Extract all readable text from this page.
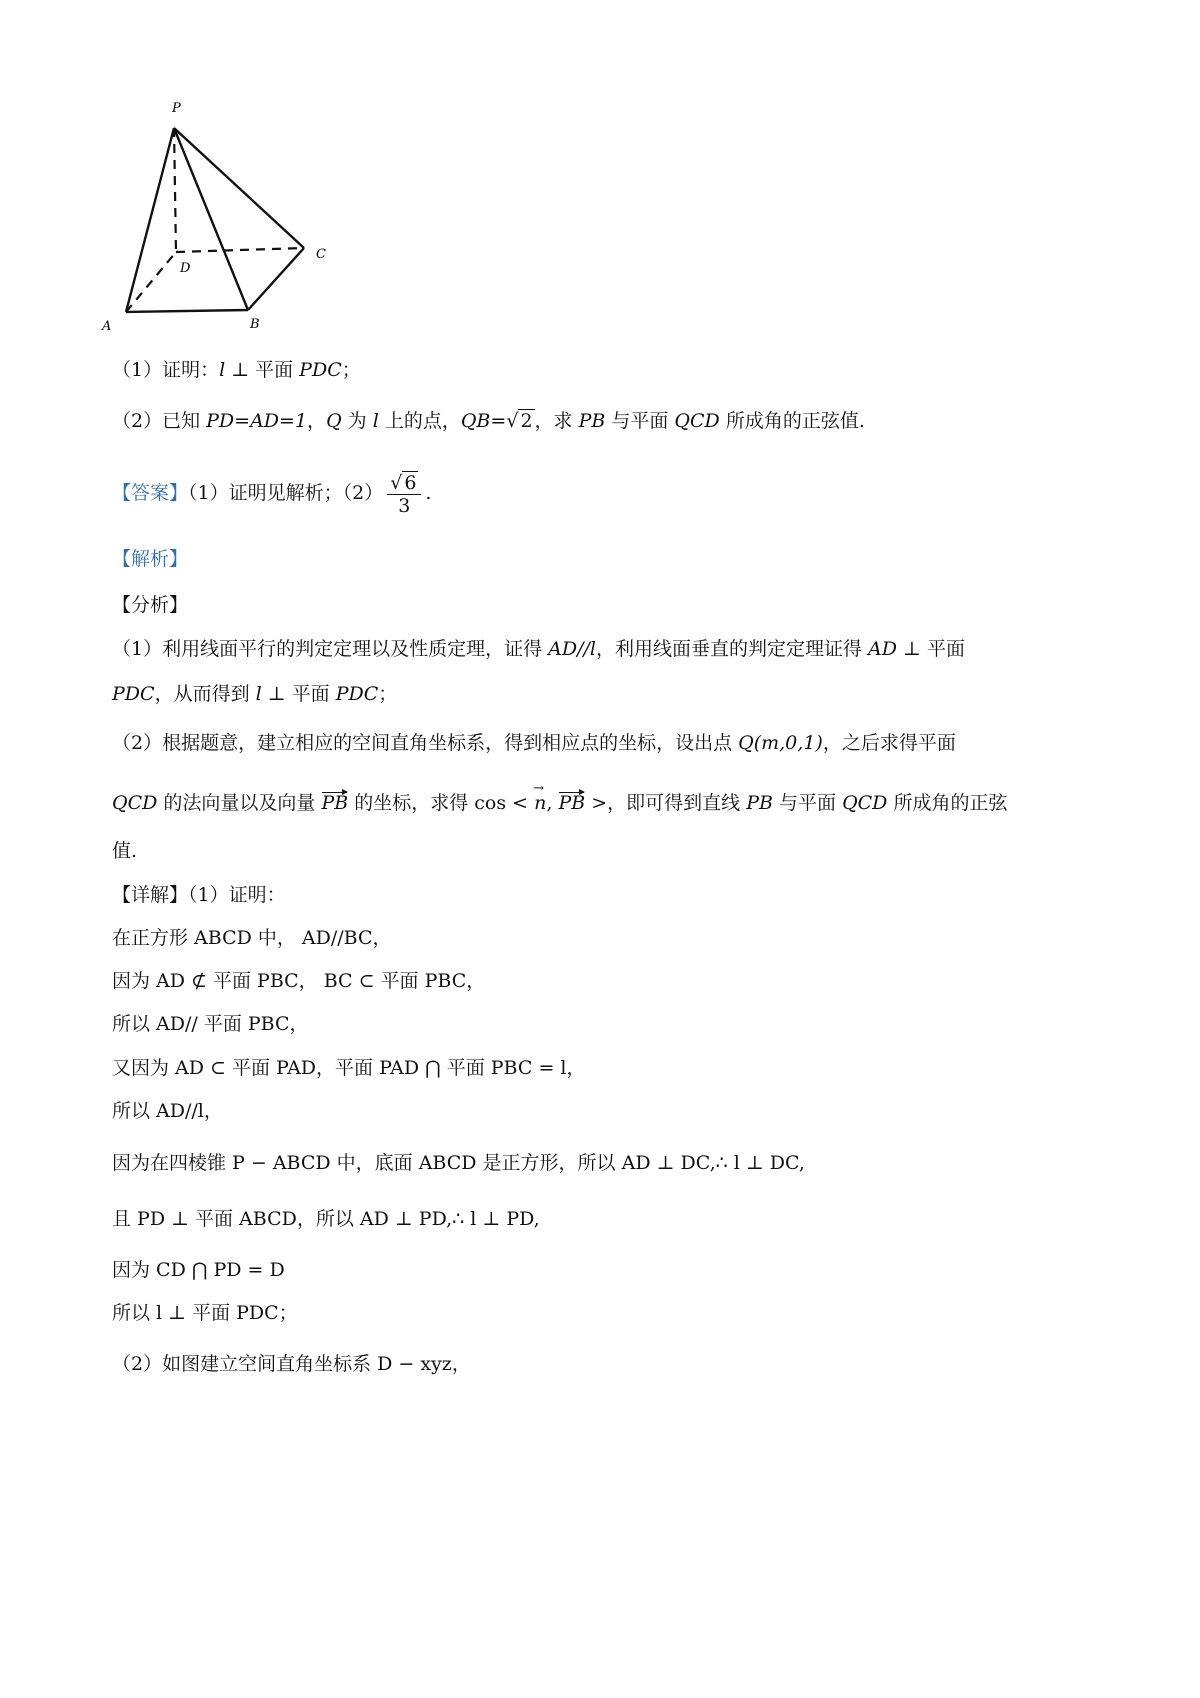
P
A	B
C
D
（1）证明：l ⊥ 平面 PDC；
（2）已知 PD=AD=1，Q 为 l 上的点，QB=√ 2 ，求 PB 与平面 QCD 所成角的正弦值.
【答案】（1）证明见解析；$(2) \frac{√ 6}{3}$ .
【解析】
【分析】
（1）利用线面平行的判定定理以及性质定理，证得 AD//l，利用线面垂直的判定定理证得 AD ⊥ 平面
PDC，从而得到 l ⊥ 平面 PDC；
（2）根据题意，建立相应的空间直角坐标系，得到相应点的坐标，设出点 Q(m,0,1)，之后求得平面
QCD 的法向量以及向量 PB 的坐标，求得 cos < n →, PB >，即可得到直线 PB 与平面 QCD 所成角的正弦
值.
【详解】（1）证明：
在正方形 ABCD 中， AD//BC，
因为 AD ⊄ 平面 PBC， BC ⊂ 平面 PBC，
所以 AD// 平面 PBC，
又因为 AD ⊂ 平面 PAD，平面 PAD ⋂ 平面 PBC = l，
所以 AD//l，
因为在四棱锥 P − ABCD 中，底面 ABCD 是正方形，所以 AD ⊥ DC,∴ l ⊥ DC,
且 PD ⊥ 平面 ABCD，所以 AD ⊥ PD,∴ l ⊥ PD,
因为 CD ⋂ PD = D
所以 l ⊥ 平面 PDC；
（2）如图建立空间直角坐标系 D − xyz，
